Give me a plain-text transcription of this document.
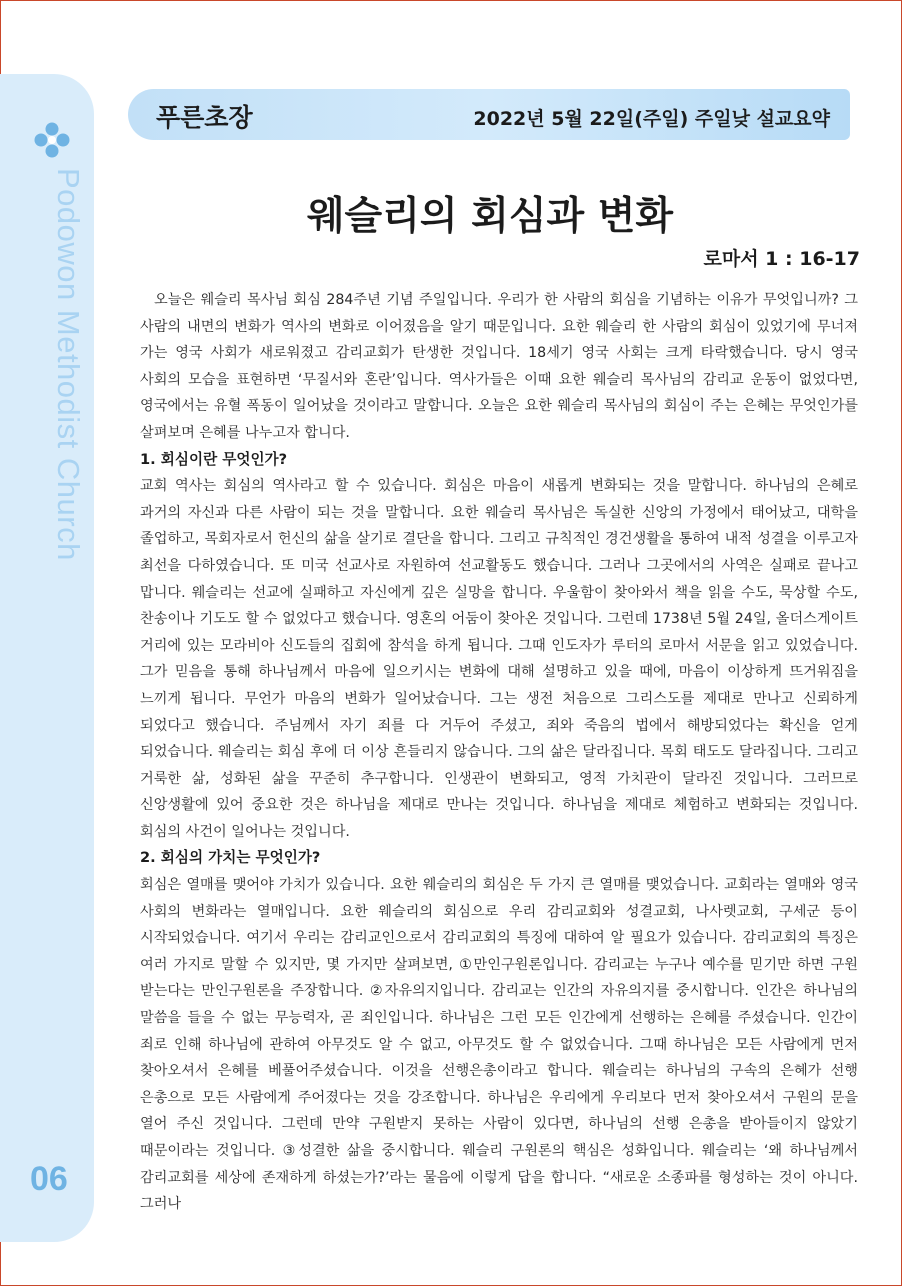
Podowon Methodist Church
06
푸른초장	2022년 5월 22일(주일) 주일낮 설교요약
웨슬리의 회심과 변화
로마서 1 : 16-17

오늘은 웨슬리 목사님 회심 284주년 기념 주일입니다. 우리가 한 사람의 회심을 기념하는 이유가 무엇입니까? 그 사람의 내면의 변화가 역사의 변화로 이어졌음을 알기 때문입니다. 요한 웨슬리 한 사람의 회심이 있었기에 무너져 가는 영국 사회가 새로워졌고 감리교회가 탄생한 것입니다. 18세기 영국 사회는 크게 타락했습니다. 당시 영국 사회의 모습을 표현하면 ‘무질서와 혼란’입니다. 역사가들은 이때 요한 웨슬리 목사님의 감리교 운동이 없었다면, 영국에서는 유혈 폭동이 일어났을 것이라고 말합니다. 오늘은 요한 웨슬리 목사님의 회심이 주는 은혜는 무엇인가를 살펴보며 은혜를 나누고자 합니다.

1. 회심이란 무엇인가?

교회 역사는 회심의 역사라고 할 수 있습니다. 회심은 마음이 새롭게 변화되는 것을 말합니다. 하나님의 은혜로 과거의 자신과 다른 사람이 되는 것을 말합니다. 요한 웨슬리 목사님은 독실한 신앙의 가정에서 태어났고, 대학을 졸업하고, 목회자로서 헌신의 삶을 살기로 결단을 합니다. 그리고 규칙적인 경건생활을 통하여 내적 성결을 이루고자 최선을 다하였습니다. 또 미국 선교사로 자원하여 선교활동도 했습니다. 그러나 그곳에서의 사역은 실패로 끝나고 맙니다. 웨슬리는 선교에 실패하고 자신에게 깊은 실망을 합니다. 우울함이 찾아와서 책을 읽을 수도, 묵상할 수도, 찬송이나 기도도 할 수 없었다고 했습니다. 영혼의 어둠이 찾아온 것입니다. 그런데 1738년 5월 24일, 올더스게이트 거리에 있는 모라비아 신도들의 집회에 참석을 하게 됩니다. 그때 인도자가 루터의 로마서 서문을 읽고 있었습니다. 그가 믿음을 통해 하나님께서 마음에 일으키시는 변화에 대해 설명하고 있을 때에, 마음이 이상하게 뜨거워짐을 느끼게 됩니다. 무언가 마음의 변화가 일어났습니다. 그는 생전 처음으로 그리스도를 제대로 만나고 신뢰하게 되었다고 했습니다. 주님께서 자기 죄를 다 거두어 주셨고, 죄와 죽음의 법에서 해방되었다는 확신을 얻게 되었습니다. 웨슬리는 회심 후에 더 이상 흔들리지 않습니다. 그의 삶은 달라집니다. 목회 태도도 달라집니다. 그리고 거룩한 삶, 성화된 삶을 꾸준히 추구합니다. 인생관이 변화되고, 영적 가치관이 달라진 것입니다. 그러므로 신앙생활에 있어 중요한 것은 하나님을 제대로 만나는 것입니다. 하나님을 제대로 체험하고 변화되는 것입니다. 회심의 사건이 일어나는 것입니다.

2. 회심의 가치는 무엇인가?

회심은 열매를 맺어야 가치가 있습니다. 요한 웨슬리의 회심은 두 가지 큰 열매를 맺었습니다. 교회라는 열매와 영국 사회의 변화라는 열매입니다. 요한 웨슬리의 회심으로 우리 감리교회와 성결교회, 나사렛교회, 구세군 등이 시작되었습니다. 여기서 우리는 감리교인으로서 감리교회의 특징에 대하여 알 필요가 있습니다. 감리교회의 특징은 여러 가지로 말할 수 있지만, 몇 가지만 살펴보면, ①만인구원론입니다. 감리교는 누구나 예수를 믿기만 하면 구원 받는다는 만인구원론을 주장합니다. ②자유의지입니다. 감리교는 인간의 자유의지를 중시합니다. 인간은 하나님의 말씀을 들을 수 없는 무능력자, 곧 죄인입니다. 하나님은 그런 모든 인간에게 선행하는 은혜를 주셨습니다. 인간이 죄로 인해 하나님에 관하여 아무것도 알 수 없고, 아무것도 할 수 없었습니다. 그때 하나님은 모든 사람에게 먼저 찾아오셔서 은혜를 베풀어주셨습니다. 이것을 선행은총이라고 합니다. 웨슬리는 하나님의 구속의 은혜가 선행 은총으로 모든 사람에게 주어졌다는 것을 강조합니다. 하나님은 우리에게 우리보다 먼저 찾아오셔서 구원의 문을 열어 주신 것입니다. 그런데 만약 구원받지 못하는 사람이 있다면, 하나님의 선행 은총을 받아들이지 않았기 때문이라는 것입니다. ③성결한 삶을 중시합니다. 웨슬리 구원론의 핵심은 성화입니다. 웨슬리는 ‘왜 하나님께서 감리교회를 세상에 존재하게 하셨는가?’라는 물음에 이렇게 답을 합니다. “새로운 소종파를 형성하는 것이 아니다. 그러나
